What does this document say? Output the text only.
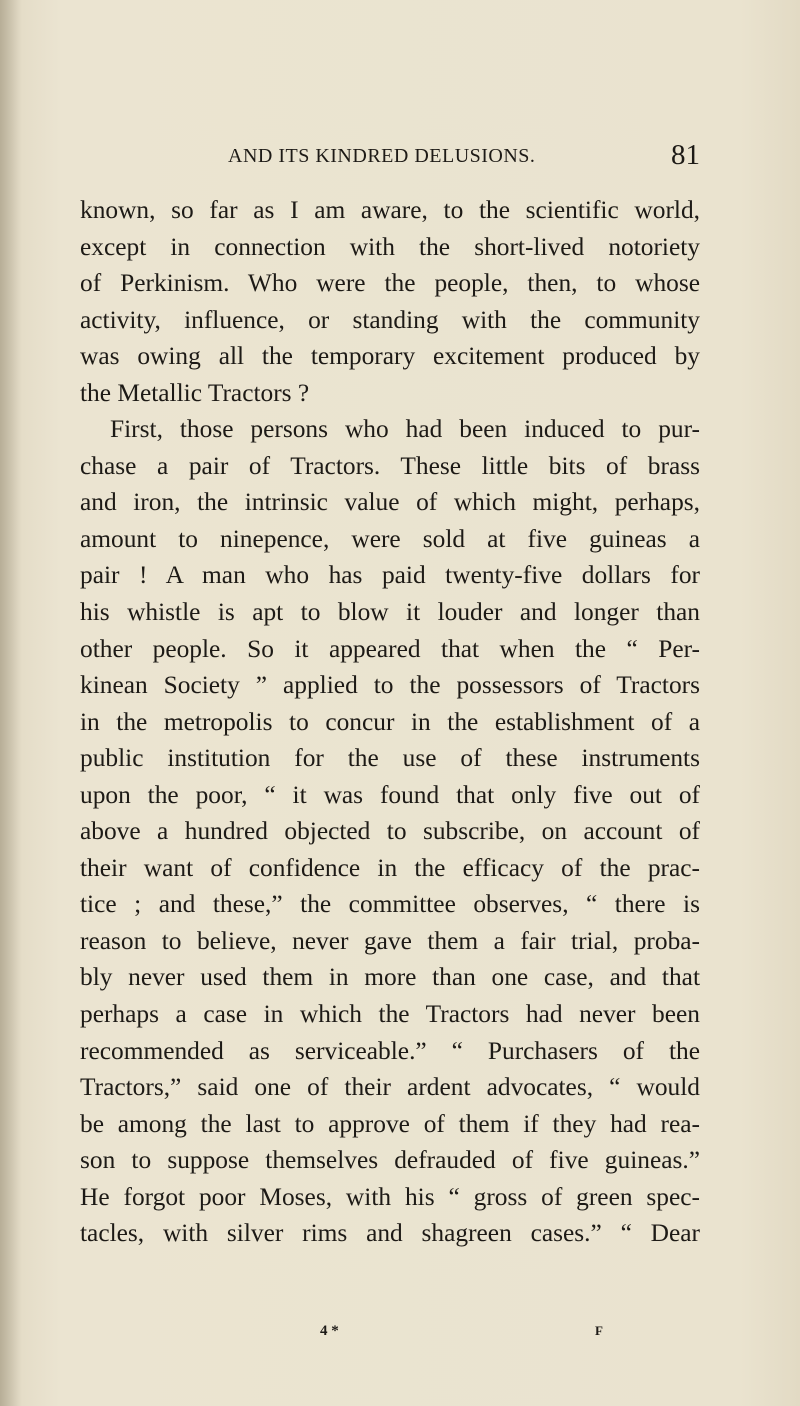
AND ITS KINDRED DELUSIONS.	81
known, so far as I am aware, to the scientific world,
except in connection with the short-lived notoriety
of Perkinism. Who were the people, then, to whose
activity, influence, or standing with the community
was owing all the temporary excitement produced by
the Metallic Tractors ?
First, those persons who had been induced to pur-
chase a pair of Tractors. These little bits of brass
and iron, the intrinsic value of which might, perhaps,
amount to ninepence, were sold at five guineas a
pair ! A man who has paid twenty-five dollars for
his whistle is apt to blow it louder and longer than
other people. So it appeared that when the “ Per-
kinean Society ” applied to the possessors of Tractors
in the metropolis to concur in the establishment of a
public institution for the use of these instruments
upon the poor, “ it was found that only five out of
above a hundred objected to subscribe, on account of
their want of confidence in the efficacy of the prac-
tice ; and these,” the committee observes, “ there is
reason to believe, never gave them a fair trial, proba-
bly never used them in more than one case, and that
perhaps a case in which the Tractors had never been
recommended as serviceable.” “ Purchasers of the
Tractors,” said one of their ardent advocates, “ would
be among the last to approve of them if they had rea-
son to suppose themselves defrauded of five guineas.”
He forgot poor Moses, with his “ gross of green spec-
tacles, with silver rims and shagreen cases.” “ Dear
4 *	F
